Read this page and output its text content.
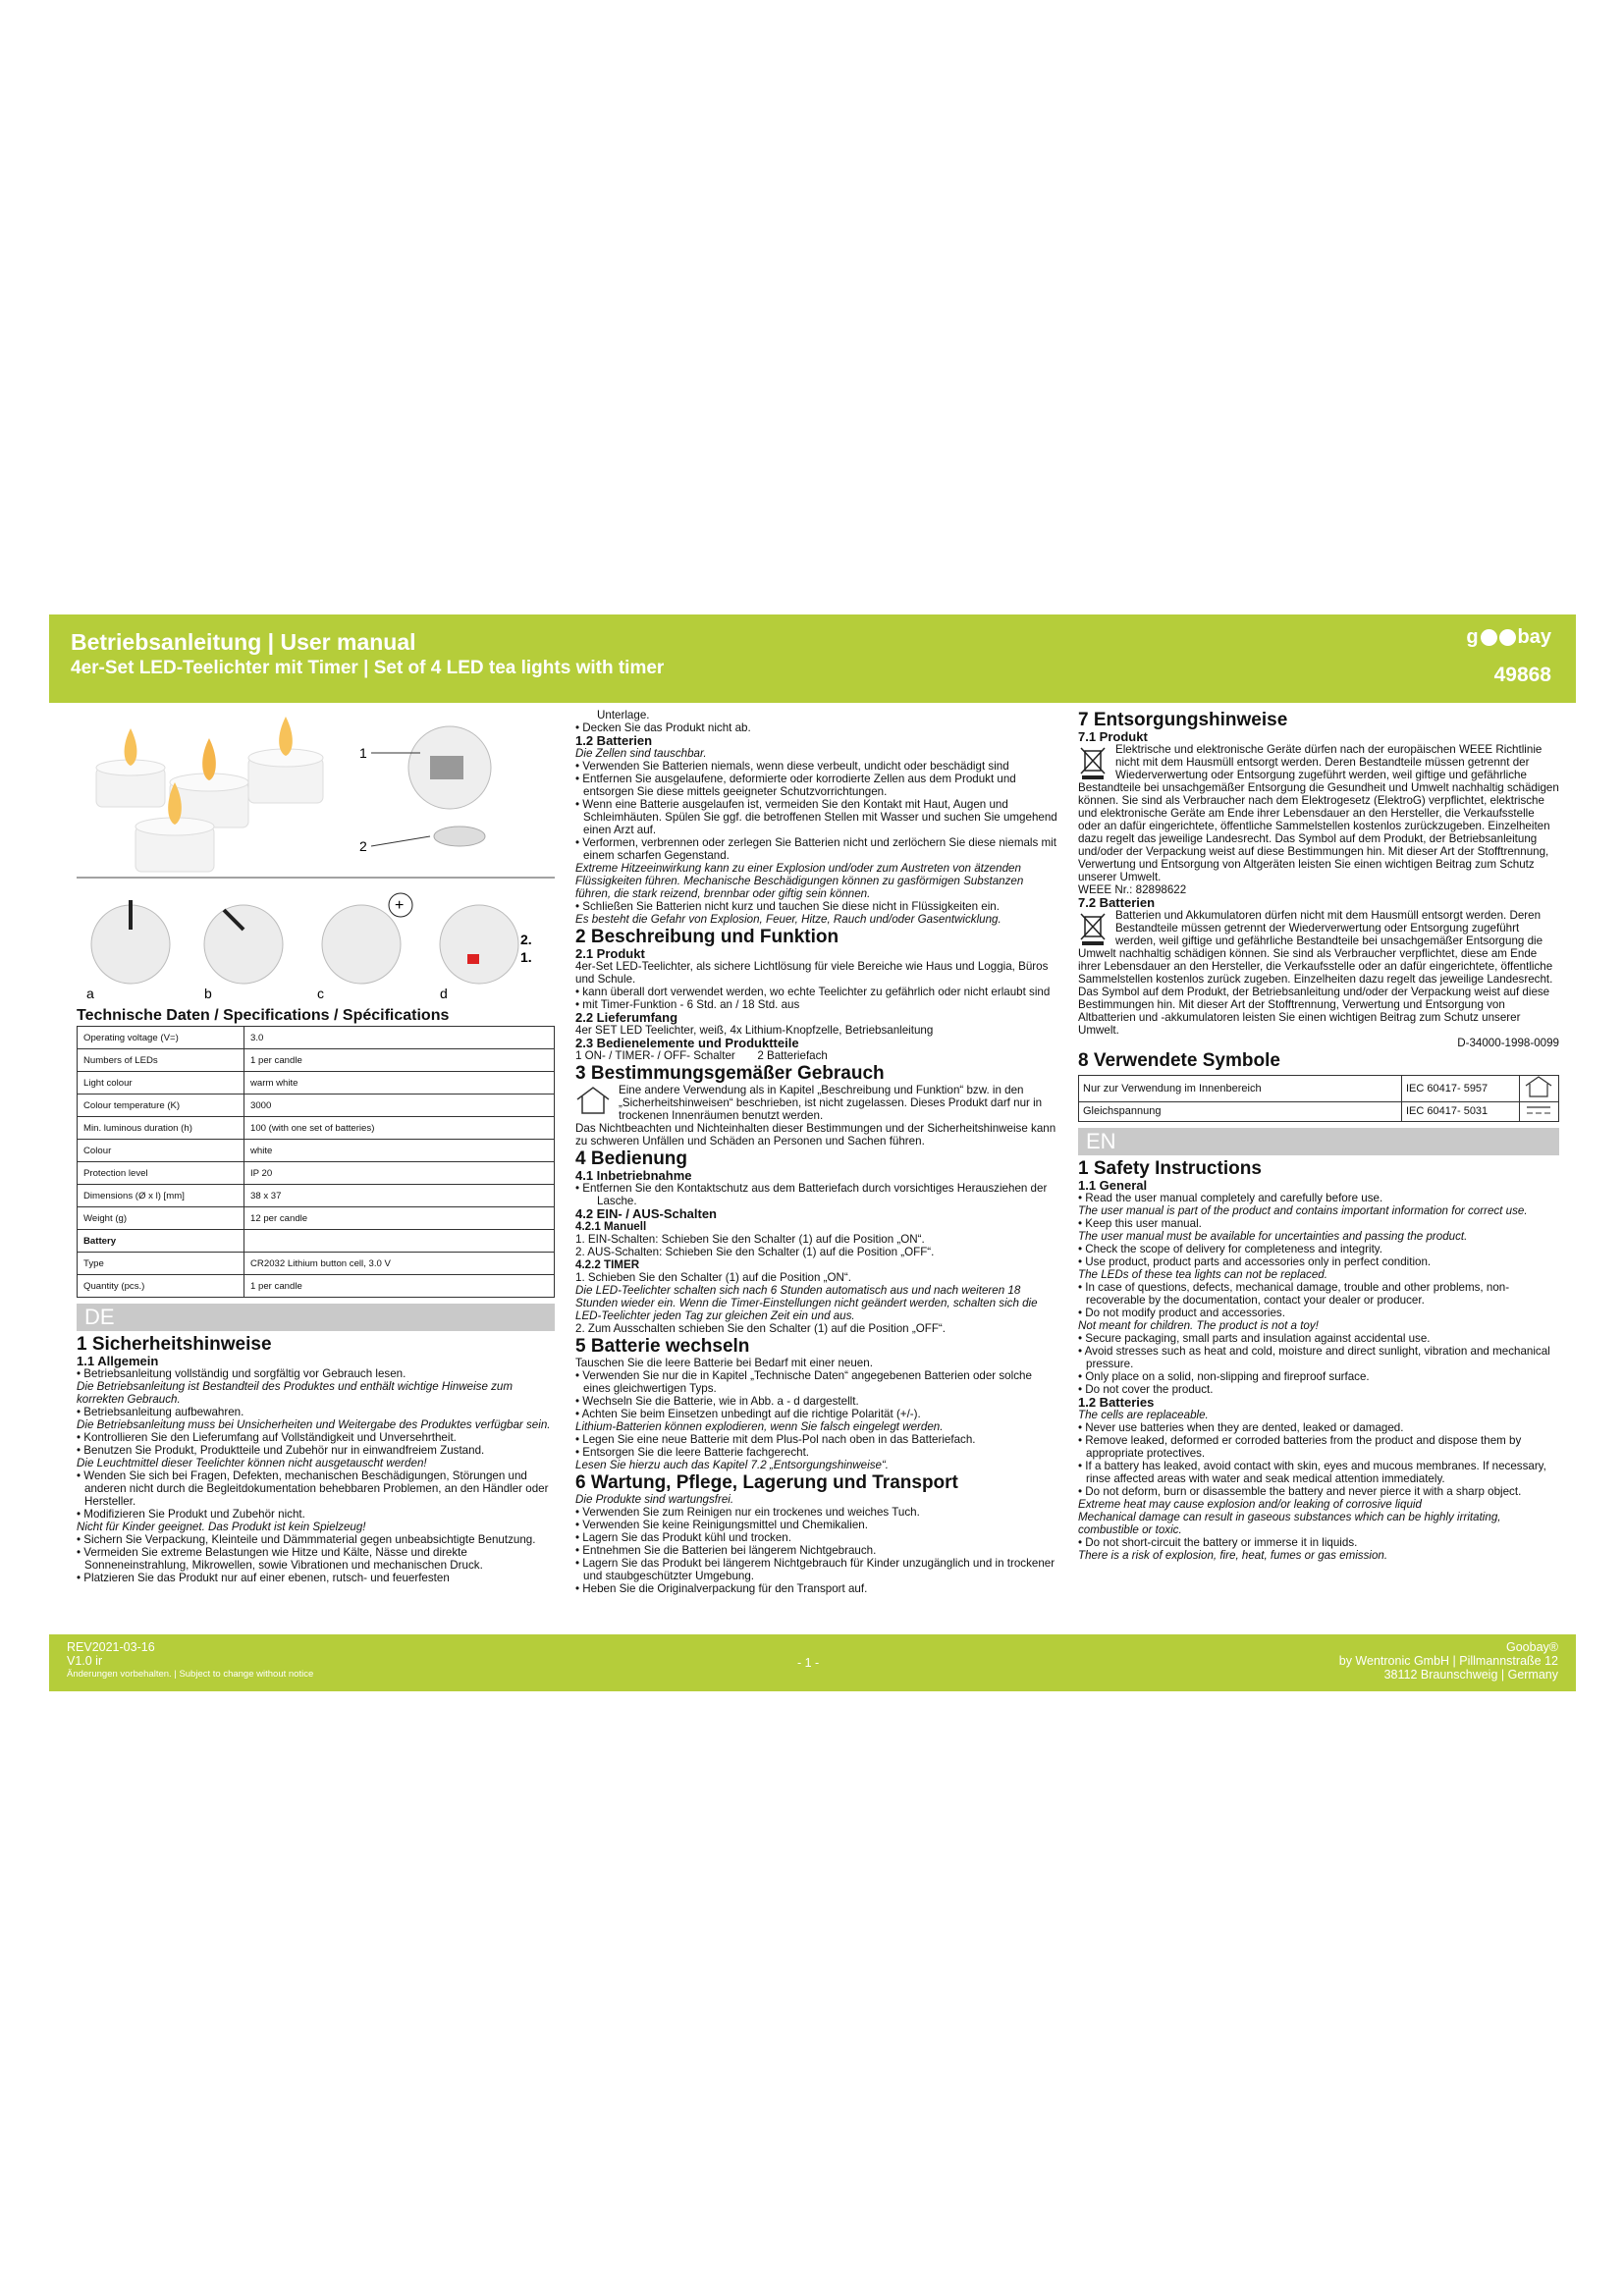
Betriebsanleitung | User manual
4er-Set LED-Teelichter mit Timer | Set of 4 LED tea lights with timer
g bay
49868
1
2
+
2.
1.
a	b	c	d
Technische Daten / Specifications / Spécifications
Operating voltage (V=)	3.0
Numbers of LEDs	1 per candle
Light colour	warm white
Colour temperature (K)	3000
Min. luminous duration (h)	100 (with one set of batteries)
Colour	white
Protection level	IP 20
Dimensions (Ø x l) [mm]	38 x 37
Weight (g)	12 per candle
Battery	
Type	CR2032 Lithium button cell, 3.0 V
Quantity (pcs.)	1 per candle
DE
1 Sicherheitshinweise
1.1 Allgemein

• Betriebsanleitung vollständig und sorgfältig vor Gebrauch lesen.

Die Betriebsanleitung ist Bestandteil des Produktes und enthält wichtige Hinweise zum korrekten Gebrauch.

• Betriebsanleitung aufbewahren.

Die Betriebsanleitung muss bei Unsicherheiten und Weitergabe des Produktes verfügbar sein.

• Kontrollieren Sie den Lieferumfang auf Vollständigkeit und Unversehrtheit.

• Benutzen Sie Produkt, Produktteile und Zubehör nur in einwandfreiem Zustand.

Die Leuchtmittel dieser Teelichter können nicht ausgetauscht werden!

• Wenden Sie sich bei Fragen, Defekten, mechanischen Beschädigungen, Störungen und anderen nicht durch die Begleitdokumentation behebbaren Problemen, an den Händler oder Hersteller.

• Modifizieren Sie Produkt und Zubehör nicht.

Nicht für Kinder geeignet. Das Produkt ist kein Spielzeug!

• Sichern Sie Verpackung, Kleinteile und Dämmmaterial gegen unbeabsichtigte Benutzung.

• Vermeiden Sie extreme Belastungen wie Hitze und Kälte, Nässe und direkte Sonneneinstrahlung, Mikrowellen, sowie Vibrationen und mechanischen Druck.

• Platzieren Sie das Produkt nur auf einer ebenen, rutsch- und feuerfesten

Unterlage.

• Decken Sie das Produkt nicht ab.

1.2 Batterien

Die Zellen sind tauschbar.

• Verwenden Sie Batterien niemals, wenn diese verbeult, undicht oder beschädigt sind

• Entfernen Sie ausgelaufene, deformierte oder korrodierte Zellen aus dem Produkt und entsorgen Sie diese mittels geeigneter Schutzvorrichtungen.

• Wenn eine Batterie ausgelaufen ist, vermeiden Sie den Kontakt mit Haut, Augen und Schleimhäuten. Spülen Sie ggf. die betroffenen Stellen mit Wasser und suchen Sie umgehend einen Arzt auf.

• Verformen, verbrennen oder zerlegen Sie Batterien nicht und zerlöchern Sie diese niemals mit einem scharfen Gegenstand.

Extreme Hitzeeinwirkung kann zu einer Explosion und/oder zum Austreten von ätzenden Flüssigkeiten führen. Mechanische Beschädigungen können zu gasförmigen Substanzen führen, die stark reizend, brennbar oder giftig sein können.

• Schließen Sie Batterien nicht kurz und tauchen Sie diese nicht in Flüssigkeiten ein.

Es besteht die Gefahr von Explosion, Feuer, Hitze, Rauch und/oder Gasentwicklung.

2 Beschreibung und Funktion
2.1 Produkt

4er-Set LED-Teelichter, als sichere Lichtlösung für viele Bereiche wie Haus und Loggia, Büros und Schule.

• kann überall dort verwendet werden, wo echte Teelichter zu gefährlich oder nicht erlaubt sind

• mit Timer-Funktion - 6 Std. an / 18 Std. aus

2.2 Lieferumfang

4er SET LED Teelichter, weiß, 4x Lithium-Knopfzelle, Betriebsanleitung

2.3 Bedienelemente und Produktteile

1 ON- / TIMER- / OFF- Schalter 2 Batteriefach

3 Bestimmungsgemäßer Gebrauch

Eine andere Verwendung als in Kapitel „Beschreibung und Funktion“ bzw. in den „Sicherheitshinweisen“ beschrieben, ist nicht zugelassen. Dieses Produkt darf nur in trockenen Innenräumen benutzt werden.

Das Nichtbeachten und Nichteinhalten dieser Bestimmungen und der Sicherheitshinweise kann zu schweren Unfällen und Schäden an Personen und Sachen führen.

4 Bedienung
4.1 Inbetriebnahme

• Entfernen Sie den Kontaktschutz aus dem Batteriefach durch vorsichtiges Herausziehen der Lasche.

4.2 EIN- / AUS-Schalten
4.2.1 Manuell

1. EIN-Schalten: Schieben Sie den Schalter (1) auf die Position „ON“.

2. AUS-Schalten: Schieben Sie den Schalter (1) auf die Position „OFF“.

4.2.2 TIMER

1. Schieben Sie den Schalter (1) auf die Position „ON“.

Die LED-Teelichter schalten sich nach 6 Stunden automatisch aus und nach weiteren 18 Stunden wieder ein. Wenn die Timer-Einstellungen nicht geändert werden, schalten sich die LED-Teelichter jeden Tag zur gleichen Zeit ein und aus.

2. Zum Ausschalten schieben Sie den Schalter (1) auf die Position „OFF“.

5 Batterie wechseln

Tauschen Sie die leere Batterie bei Bedarf mit einer neuen.

• Verwenden Sie nur die in Kapitel „Technische Daten“ angegebenen Batterien oder solche eines gleichwertigen Typs.

• Wechseln Sie die Batterie, wie in Abb. a - d dargestellt.

• Achten Sie beim Einsetzen unbedingt auf die richtige Polarität (+/-).

Lithium-Batterien können explodieren, wenn Sie falsch eingelegt werden.

• Legen Sie eine neue Batterie mit dem Plus-Pol nach oben in das Batteriefach.

• Entsorgen Sie die leere Batterie fachgerecht.

Lesen Sie hierzu auch das Kapitel 7.2 „Entsorgungshinweise“.

6 Wartung, Pflege, Lagerung und Transport

Die Produkte sind wartungsfrei.

• Verwenden Sie zum Reinigen nur ein trockenes und weiches Tuch.

• Verwenden Sie keine Reinigungsmittel und Chemikalien.

• Lagern Sie das Produkt kühl und trocken.

• Entnehmen Sie die Batterien bei längerem Nichtgebrauch.

• Lagern Sie das Produkt bei längerem Nichtgebrauch für Kinder unzugänglich und in trockener und staubgeschützter Umgebung.

• Heben Sie die Originalverpackung für den Transport auf.

7 Entsorgungshinweise
7.1 Produkt

Elektrische und elektronische Geräte dürfen nach der europäischen WEEE Richtlinie nicht mit dem Hausmüll entsorgt werden. Deren Bestandteile müssen getrennt der Wiederverwertung oder Entsorgung zugeführt werden, weil giftige und gefährliche Bestandteile bei unsachgemäßer Entsorgung die Gesundheit und Umwelt nachhaltig schädigen können. Sie sind als Verbraucher nach dem Elektrogesetz (ElektroG) verpflichtet, elektrische und elektronische Geräte am Ende ihrer Lebensdauer an den Hersteller, die Verkaufsstelle oder an dafür eingerichtete, öffentliche Sammelstellen kostenlos zurückzugeben. Einzelheiten dazu regelt das jeweilige Landesrecht. Das Symbol auf dem Produkt, der Betriebsanleitung und/oder der Verpackung weist auf diese Bestimmungen hin. Mit dieser Art der Stofftrennung, Verwertung und Entsorgung von Altgeräten leisten Sie einen wichtigen Beitrag zum Schutz unserer Umwelt.

WEEE Nr.: 82898622

7.2 Batterien

Batterien und Akkumulatoren dürfen nicht mit dem Hausmüll entsorgt werden. Deren Bestandteile müssen getrennt der Wiederverwertung oder Entsorgung zugeführt werden, weil giftige und gefährliche Bestandteile bei unsachgemäßer Entsorgung die Umwelt nachhaltig schädigen können. Sie sind als Verbraucher verpflichtet, diese am Ende ihrer Lebensdauer an den Hersteller, die Verkaufsstelle oder an dafür eingerichtete, öffentliche Sammelstellen kostenlos zurück zugeben. Einzelheiten dazu regelt das jeweilige Landesrecht. Das Symbol auf dem Produkt, der Betriebsanleitung und/oder der Verpackung weist auf diese Bestimmungen hin. Mit dieser Art der Stofftrennung, Verwertung und Entsorgung von Altbatterien und -akkumulatoren leisten Sie einen wichtigen Beitrag zum Schutz unserer Umwelt.

D-34000-1998-0099

8 Verwendete Symbole
Nur zur Verwendung im Innenbereich	IEC 60417- 5957	
Gleichspannung	IEC 60417- 5031	
EN
1 Safety Instructions
1.1 General

• Read the user manual completely and carefully before use.

The user manual is part of the product and contains important information for correct use.

• Keep this user manual.

The user manual must be available for uncertainties and passing the product.

• Check the scope of delivery for completeness and integrity.

• Use product, product parts and accessories only in perfect condition.

The LEDs of these tea lights can not be replaced.

• In case of questions, defects, mechanical damage, trouble and other problems, non-recoverable by the documentation, contact your dealer or producer.

• Do not modify product and accessories.

Not meant for children. The product is not a toy!

• Secure packaging, small parts and insulation against accidental use.

• Avoid stresses such as heat and cold, moisture and direct sunlight, vibration and mechanical pressure.

• Only place on a solid, non-slipping and fireproof surface.

• Do not cover the product.

1.2 Batteries

The cells are replaceable.

• Never use batteries when they are dented, leaked or damaged.

• Remove leaked, deformed er corroded batteries from the product and dispose them by appropriate protectives.

• If a battery has leaked, avoid contact with skin, eyes and mucous membranes. If necessary, rinse affected areas with water and seak medical attention immediately.

• Do not deform, burn or disassemble the battery and never pierce it with a sharp object.

Extreme heat may cause explosion and/or leaking of corrosive liquid

Mechanical damage can result in gaseous substances which can be highly irritating, combustible or toxic.

• Do not short-circuit the battery or immerse it in liquids.

There is a risk of explosion, fire, heat, fumes or gas emission.

REV2021-03-16
V1.0 ir
Änderungen vorbehalten. | Subject to change without notice
- 1 -
Goobay®
by Wentronic GmbH | Pillmannstraße 12
38112 Braunschweig | Germany
